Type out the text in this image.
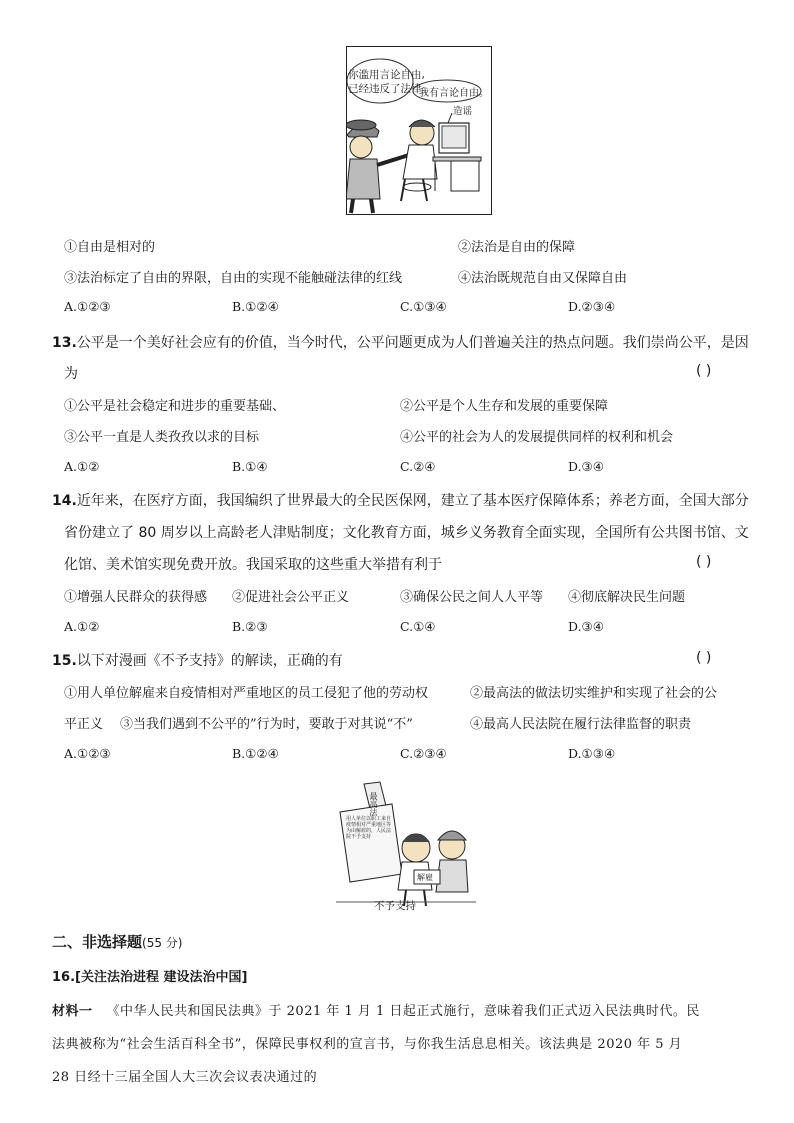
你滥用言论自由,
已经违反了法律。
我有言论自由。
造谣
①自由是相对的	②法治是自由的保障
③法治标定了自由的界限，自由的实现不能触碰法律的红线	④法治既规范自由又保障自由
A.①②③	B.①②④	C.①③④	D.②③④
13.公平是一个美好社会应有的价值，当今时代，公平问题更成为人们普遍关注的热点问题。我们崇尚公平，是因
为	( )
①公平是社会稳定和进步的重要基础、	②公平是个人生存和发展的重要保障
③公平一直是人类孜孜以求的目标	④公平的社会为人的发展提供同样的权利和机会
A.①②	B.①④	C.②④	D.③④
14.近年来，在医疗方面，我国编织了世界最大的全民医保网，建立了基本医疗保障体系；养老方面，全国大部分
省份建立了 80 周岁以上高龄老人津贴制度；文化教育方面，城乡义务教育全面实现，全国所有公共图书馆、文
化馆、美术馆实现免费开放。我国采取的这些重大举措有利于	( )
①增强人民群众的获得感 ②促进社会公平正义	③确保公民之间人人平等 ④彻底解决民生问题
A.①②	B.②③	C.①④	D.③④
15.以下对漫画《不予支持》的解读，正确的有	( )
①用人单位解雇来自疫情相对严重地区的员工侵犯了他的劳动权	②最高法的做法切实维护和实现了社会的公
平正义 ③当我们遇到不公平的”行为时，要敢于对其说“不”	④最高人民法院在履行法律监督的职责
A.①②③	B.①②④	C.②③④	D.①③④
最高法
用人单位以职工来自疫情相对严重地区等为由解雇的，人民法院不予支持
解雇
不予支持
二、非选择题(55 分)
16.[关注法治进程 建设法治中国]
材料一 《中华人民共和国民法典》于 2021 年 1 月 1 日起正式施行，意味着我们正式迈入民法典时代。民
法典被称为“社会生活百科全书”，保障民事权利的宣言书，与你我生活息息相关。该法典是 2020 年 5 月
28 日经十三届全国人大三次会议表决通过的
